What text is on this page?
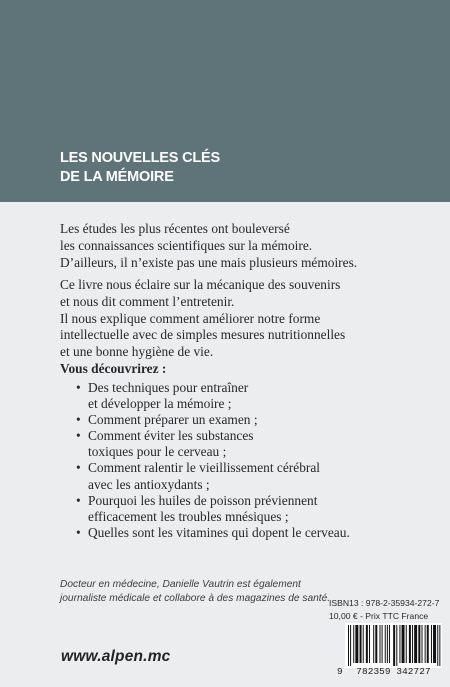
LES NOUVELLES CLÉS
DE LA MÉMOIRE

Les études les plus récentes ont bouleversé
les connaissances scientifiques sur la mémoire.
D’ailleurs, il n’existe pas une mais plusieurs mémoires.

Ce livre nous éclaire sur la mécanique des souvenirs
et nous dit comment l’entretenir.
Il nous explique comment améliorer notre forme
intellectuelle avec de simples mesures nutritionnelles
et une bonne hygiène de vie.

Vous découvrirez :

• Des techniques pour entraîner
et développer la mémoire ;
• Comment préparer un examen ;
• Comment éviter les substances
toxiques pour le cerveau ;
• Comment ralentir le vieillissement cérébral
avec les antioxydants ;
• Pourquoi les huiles de poisson préviennent
efficacement les troubles mnésiques ;
• Quelles sont les vitamines qui dopent le cerveau.

Docteur en médecine, Danielle Vautrin est également
journaliste médicale et collabore à des magazines de santé.

ISBN13 : 978-2-35934-272-7
10,00 € - Prix TTC France

9 782359 342727
www.alpen.mc
